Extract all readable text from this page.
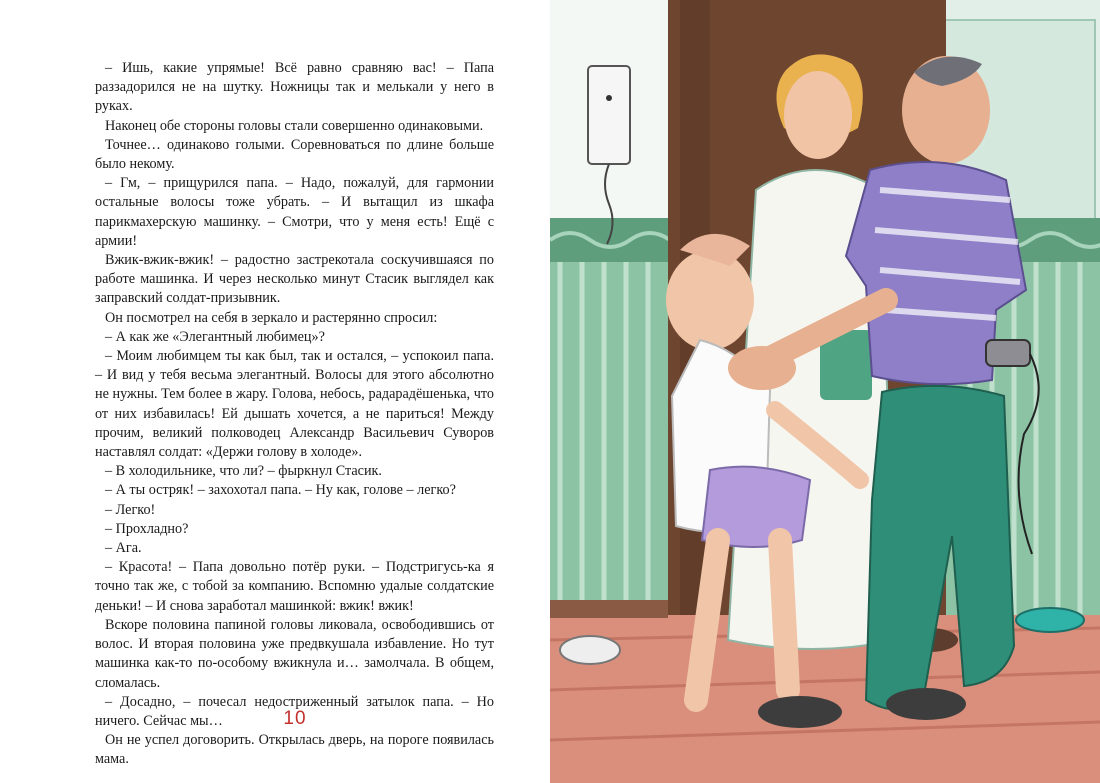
– Ишь, какие упрямые! Всё равно сравняю вас! – Папа раззадорился не на шутку. Ножницы так и мелькали у него в руках.

Наконец обе стороны головы стали совершенно одинаковыми.

Точнее… одинаково голыми. Соревноваться по длине больше было некому.

– Гм, – прищурился папа. – Надо, пожалуй, для гармонии остальные волосы тоже убрать. – И вытащил из шкафа парикмахерскую машинку. – Смотри, что у меня есть! Ещё с армии!

Вжик-вжик-вжик! – радостно застрекотала соскучившаяся по работе машинка. И через несколько минут Стасик выглядел как заправский солдат-призывник.

Он посмотрел на себя в зеркало и растерянно спросил:

– А как же «Элегантный любимец»?

– Моим любимцем ты как был, так и остался, – успокоил папа. – И вид у тебя весьма элегантный. Волосы для этого абсолютно не нужны. Тем более в жару. Голова, небось, радарадёшенька, что от них избавилась! Ей дышать хочется, а не париться! Между прочим, великий полководец Александр Васильевич Суворов наставлял солдат: «Держи голову в холоде».

– В холодильнике, что ли? – фыркнул Стасик.

– А ты остряк! – захохотал папа. – Ну как, голове – легко?

– Легко!

– Прохладно?

– Ага.

– Красота! – Папа довольно потёр руки. – Подстригусь-ка я точно так же, с тобой за компанию. Вспомню удалые солдатские деньки! – И снова заработал машинкой: вжик! вжик!

Вскоре половина папиной головы ликовала, освободившись от волос. И вторая половина уже предвкушала избавление. Но тут машинка как-то по-особому вжикнула и… замолчала. В общем, сломалась.

– Досадно, – почесал недостриженный затылок папа. – Но ничего. Сейчас мы…

Он не успел договорить. Открылась дверь, на пороге появилась мама.

10
